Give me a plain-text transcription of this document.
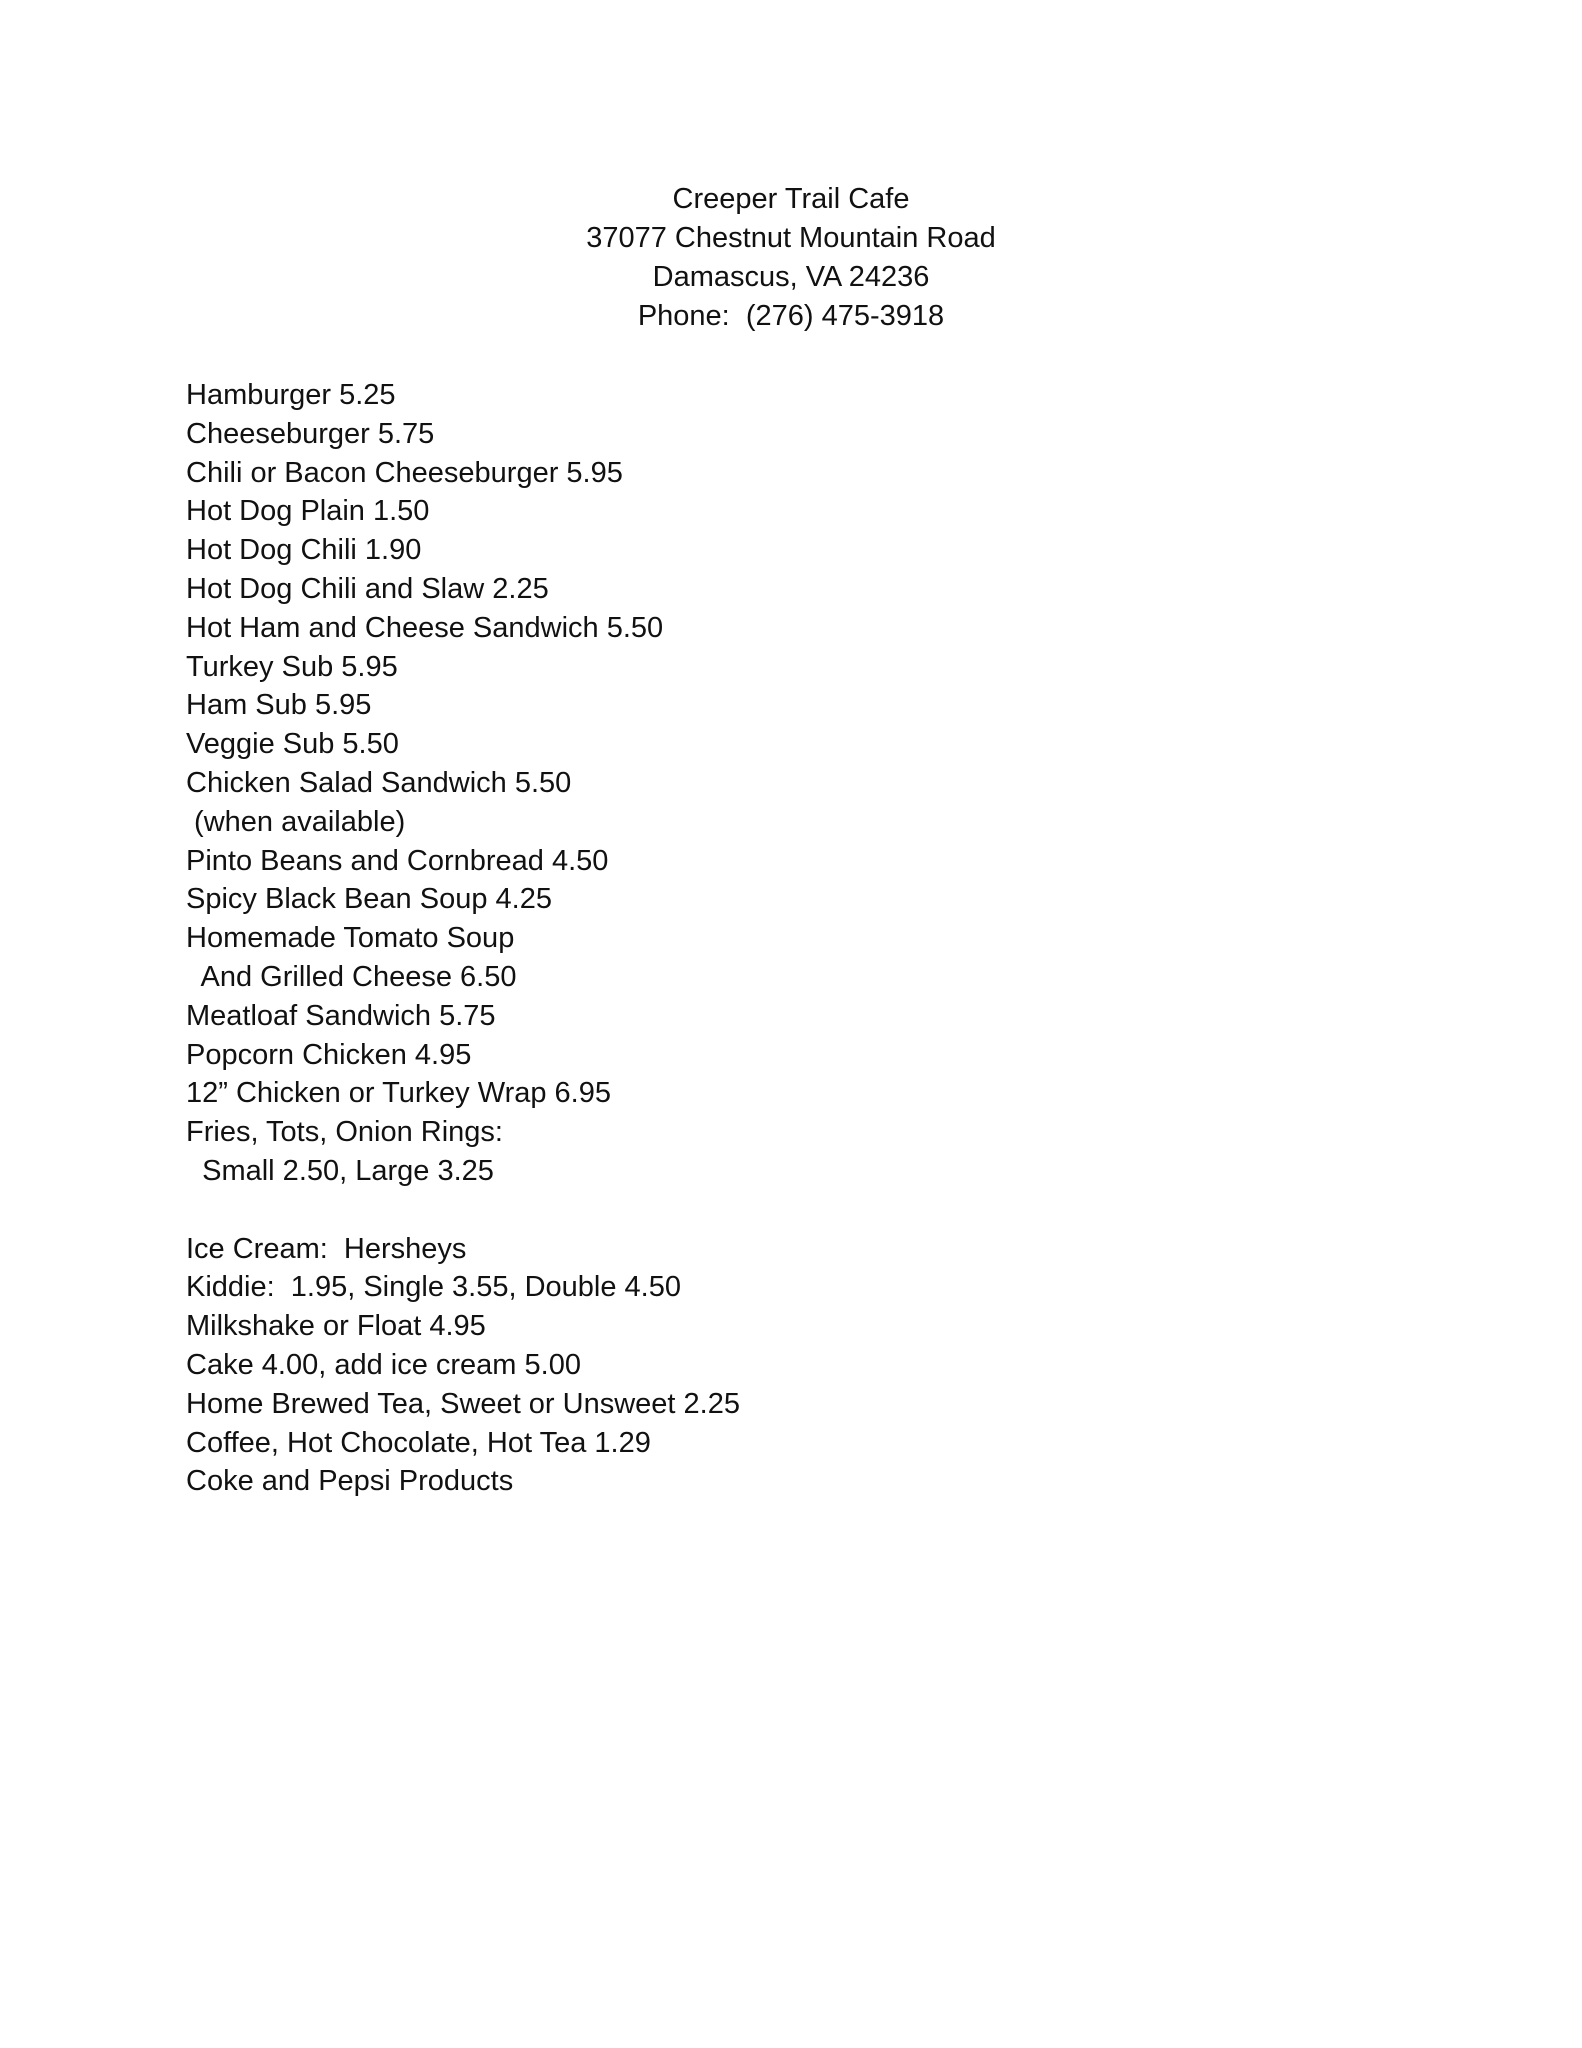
Creeper Trail Cafe
37077 Chestnut Mountain Road
Damascus, VA 24236
Phone:  (276) 475-3918
Hamburger 5.25
Cheeseburger 5.75
Chili or Bacon Cheeseburger 5.95
Hot Dog Plain 1.50
Hot Dog Chili 1.90
Hot Dog Chili and Slaw 2.25
Hot Ham and Cheese Sandwich 5.50
Turkey Sub 5.95
Ham Sub 5.95
Veggie Sub 5.50
Chicken Salad Sandwich 5.50
(when available)
Pinto Beans and Cornbread 4.50
Spicy Black Bean Soup 4.25
Homemade Tomato Soup
And Grilled Cheese 6.50
Meatloaf Sandwich 5.75
Popcorn Chicken 4.95
12” Chicken or Turkey Wrap 6.95
Fries, Tots, Onion Rings:
Small 2.50, Large 3.25
Ice Cream:  Hersheys
Kiddie:  1.95, Single 3.55, Double 4.50
Milkshake or Float 4.95
Cake 4.00, add ice cream 5.00
Home Brewed Tea, Sweet or Unsweet 2.25
Coffee, Hot Chocolate, Hot Tea 1.29
Coke and Pepsi Products
